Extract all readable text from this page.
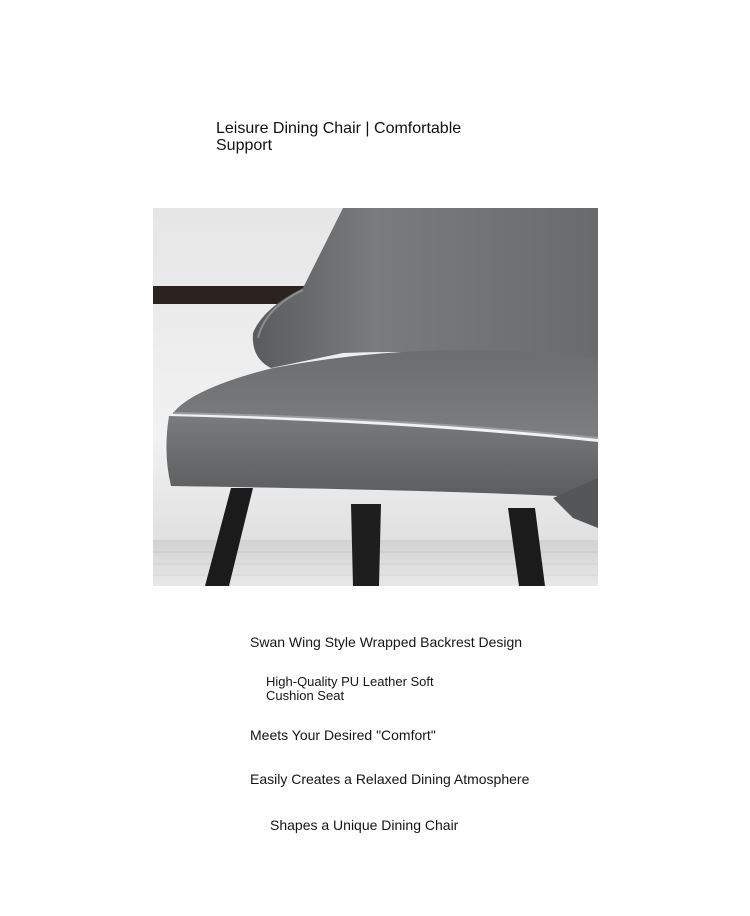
Leisure Dining Chair | Comfortable Support
Swan Wing Style Wrapped Backrest Design
High-Quality PU Leather Soft Cushion Seat
Meets Your Desired "Comfort"
Easily Creates a Relaxed Dining Atmosphere
Shapes a Unique Dining Chair
